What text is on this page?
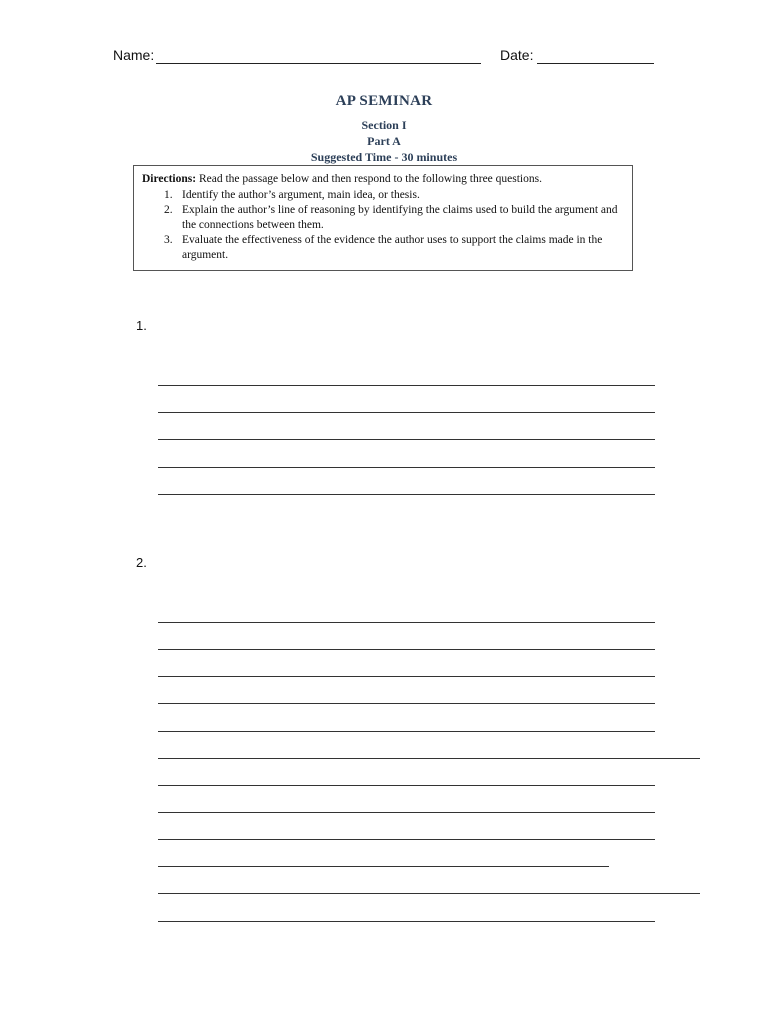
Name:	Date:

AP SEMINAR

Section I

Part A

Suggested Time - 30 minutes

Directions: Read the passage below and then respond to the following three questions.

1. Identify the author’s argument, main idea, or thesis.
2. Explain the author’s line of reasoning by identifying the claims used to build the argument and the connections between them.
3. Evaluate the effectiveness of the evidence the author uses to support the claims made in the argument.
1.
2.
